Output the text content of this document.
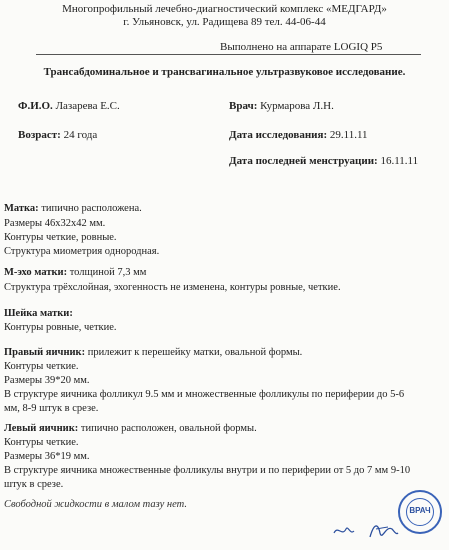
Многопрофильный лечебно-диагностический комплекс «МЕДГАРД»
г. Ульяновск, ул. Радищева 89 тел. 44-06-44
Выполнено на аппарате LOGIQ P5
Трансабдоминальное и трансвагинальное ультразвуковое исследование.
Ф.И.О. Лазарева Е.С.	Врач: Курмарова Л.Н.
Возраст: 24 года	Дата исследования: 29.11.11
Дата последней менструации: 16.11.11
Матка: типично расположена.
Размеры 46х32х42 мм.
Контуры четкие, ровные.
Структура миометрия однородная.
М-эхо матки: толщиной 7,3 мм
Структура трёхслойная, эхогенность не изменена, контуры ровные, четкие.
Шейка матки:
Контуры ровные, четкие.
Правый яичник: прилежит к перешейку матки, овальной формы.
Контуры четкие.
Размеры 39*20 мм.
В структуре яичника фолликул 9.5 мм и множественные фолликулы по периферии до 5-6
мм, 8-9 штук в срезе.
Левый яичник: типично расположен, овальной формы.
Контуры четкие.
Размеры 36*19 мм.
В структуре яичника множественные фолликулы внутри и по периферии от 5 до 7 мм 9-10
штук в срезе.
Свободной жидкости в малом тазу нет.
ВРАЧ
